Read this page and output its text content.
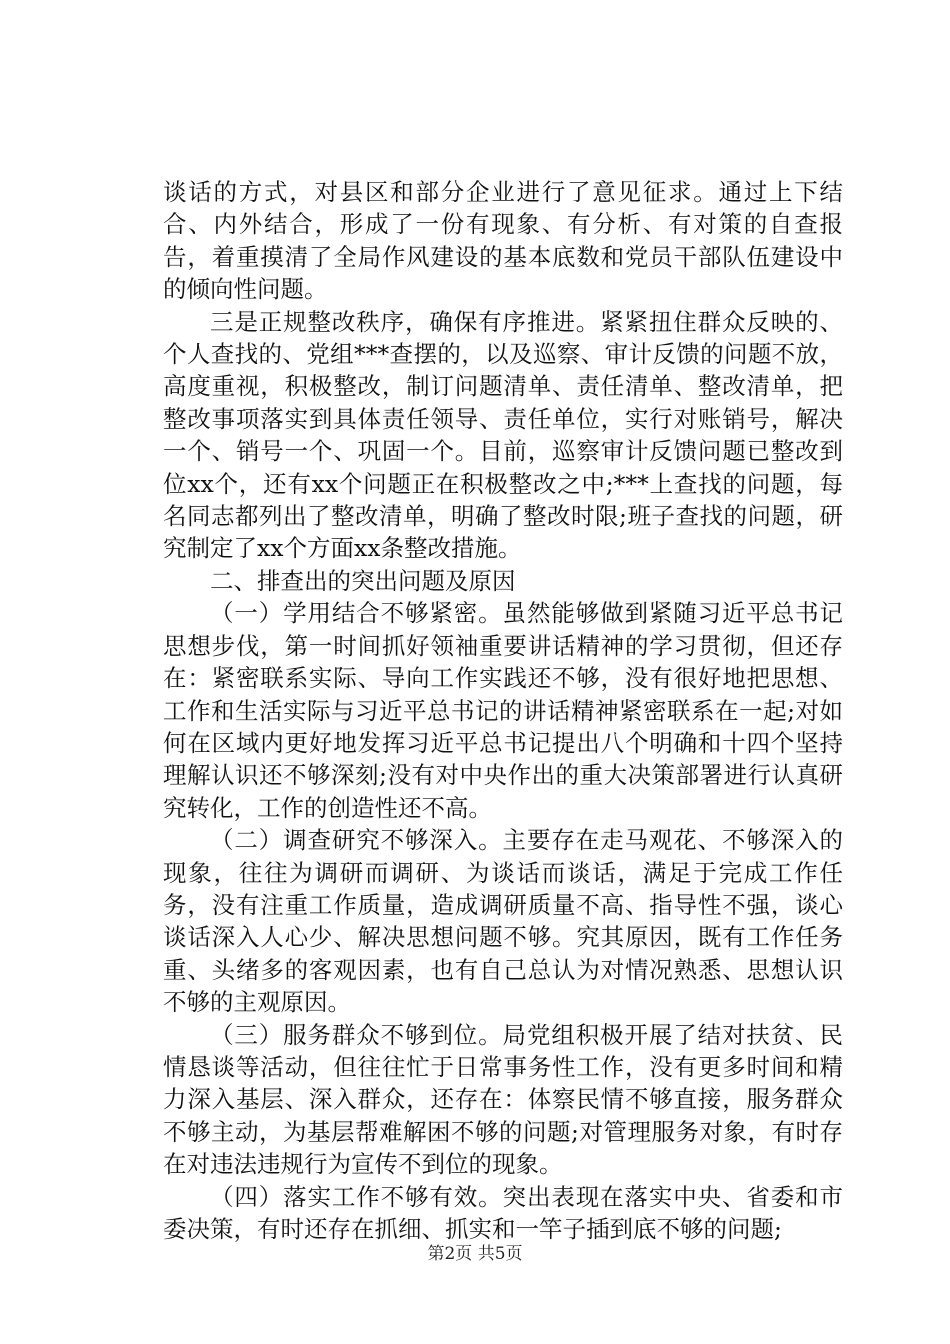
谈话的方式，对县区和部分企业进行了意见征求。通过上下结合、内外结合，形成了一份有现象、有分析、有对策的自查报告，着重摸清了全局作风建设的基本底数和党员干部队伍建设中的倾向性问题。

三是正规整改秩序，确保有序推进。紧紧扭住群众反映的、个人查找的、党组***查摆的，以及巡察、审计反馈的问题不放，高度重视，积极整改，制订问题清单、责任清单、整改清单，把整改事项落实到具体责任领导、责任单位，实行对账销号，解决一个、销号一个、巩固一个。目前，巡察审计反馈问题已整改到位xx个，还有xx个问题正在积极整改之中;***上查找的问题，每名同志都列出了整改清单，明确了整改时限;班子查找的问题，研究制定了xx个方面xx条整改措施。

二、排查出的突出问题及原因

（一）学用结合不够紧密。虽然能够做到紧随习近平总书记思想步伐，第一时间抓好领袖重要讲话精神的学习贯彻，但还存在：紧密联系实际、导向工作实践还不够，没有很好地把思想、工作和生活实际与习近平总书记的讲话精神紧密联系在一起;对如何在区域内更好地发挥习近平总书记提出八个明确和十四个坚持理解认识还不够深刻;没有对中央作出的重大决策部署进行认真研究转化，工作的创造性还不高。

（二）调查研究不够深入。主要存在走马观花、不够深入的现象，往往为调研而调研、为谈话而谈话，满足于完成工作任务，没有注重工作质量，造成调研质量不高、指导性不强，谈心谈话深入人心少、解决思想问题不够。究其原因，既有工作任务重、头绪多的客观因素，也有自己总认为对情况熟悉、思想认识不够的主观原因。

（三）服务群众不够到位。局党组积极开展了结对扶贫、民情恳谈等活动，但往往忙于日常事务性工作，没有更多时间和精力深入基层、深入群众，还存在：体察民情不够直接，服务群众不够主动，为基层帮难解困不够的问题;对管理服务对象，有时存在对违法违规行为宣传不到位的现象。

（四）落实工作不够有效。突出表现在落实中央、省委和市委决策，有时还存在抓细、抓实和一竿子插到底不够的问题;

第2页 共5页
